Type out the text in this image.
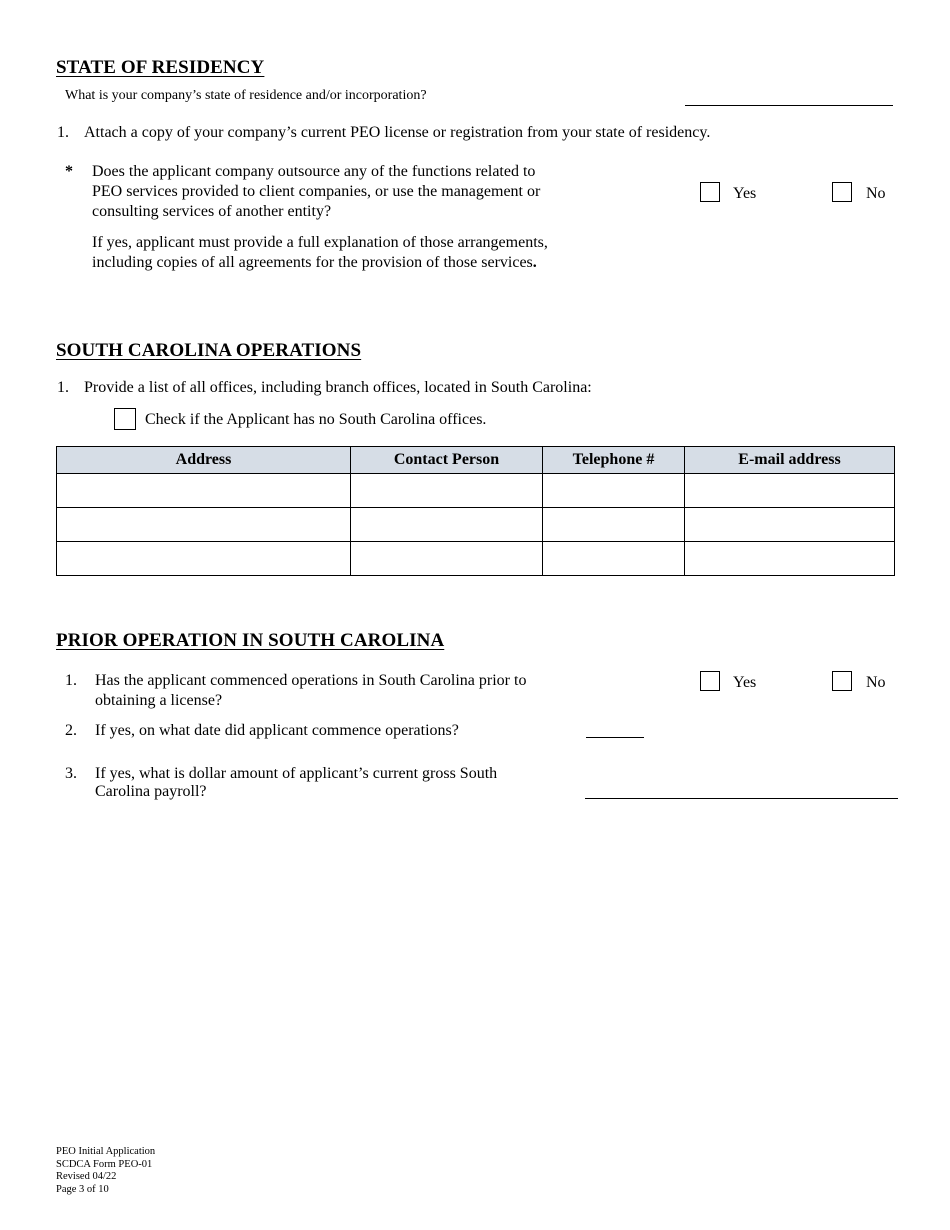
STATE OF RESIDENCY
What is your company’s state of residence and/or incorporation?
1. Attach a copy of your company’s current PEO license or registration from your state of residency.
* Does the applicant company outsource any of the functions related to
PEO services provided to client companies, or use the management or
consulting services of another entity?
Yes	No
If yes, applicant must provide a full explanation of those arrangements,
including copies of all agreements for the provision of those services.
SOUTH CAROLINA OPERATIONS
1. Provide a list of all offices, including branch offices, located in South Carolina:
Check if the Applicant has no South Carolina offices.
Address	Contact Person	Telephone #	E-mail address

PRIOR OPERATION IN SOUTH CAROLINA
1. Has the applicant commenced operations in South Carolina prior to
obtaining a license?
Yes	No
2. If yes, on what date did applicant commence operations?
3. If yes, what is dollar amount of applicant’s current gross South
Carolina payroll?
PEO Initial Application
SCDCA Form PEO-01
Revised 04/22
Page 3 of 10
